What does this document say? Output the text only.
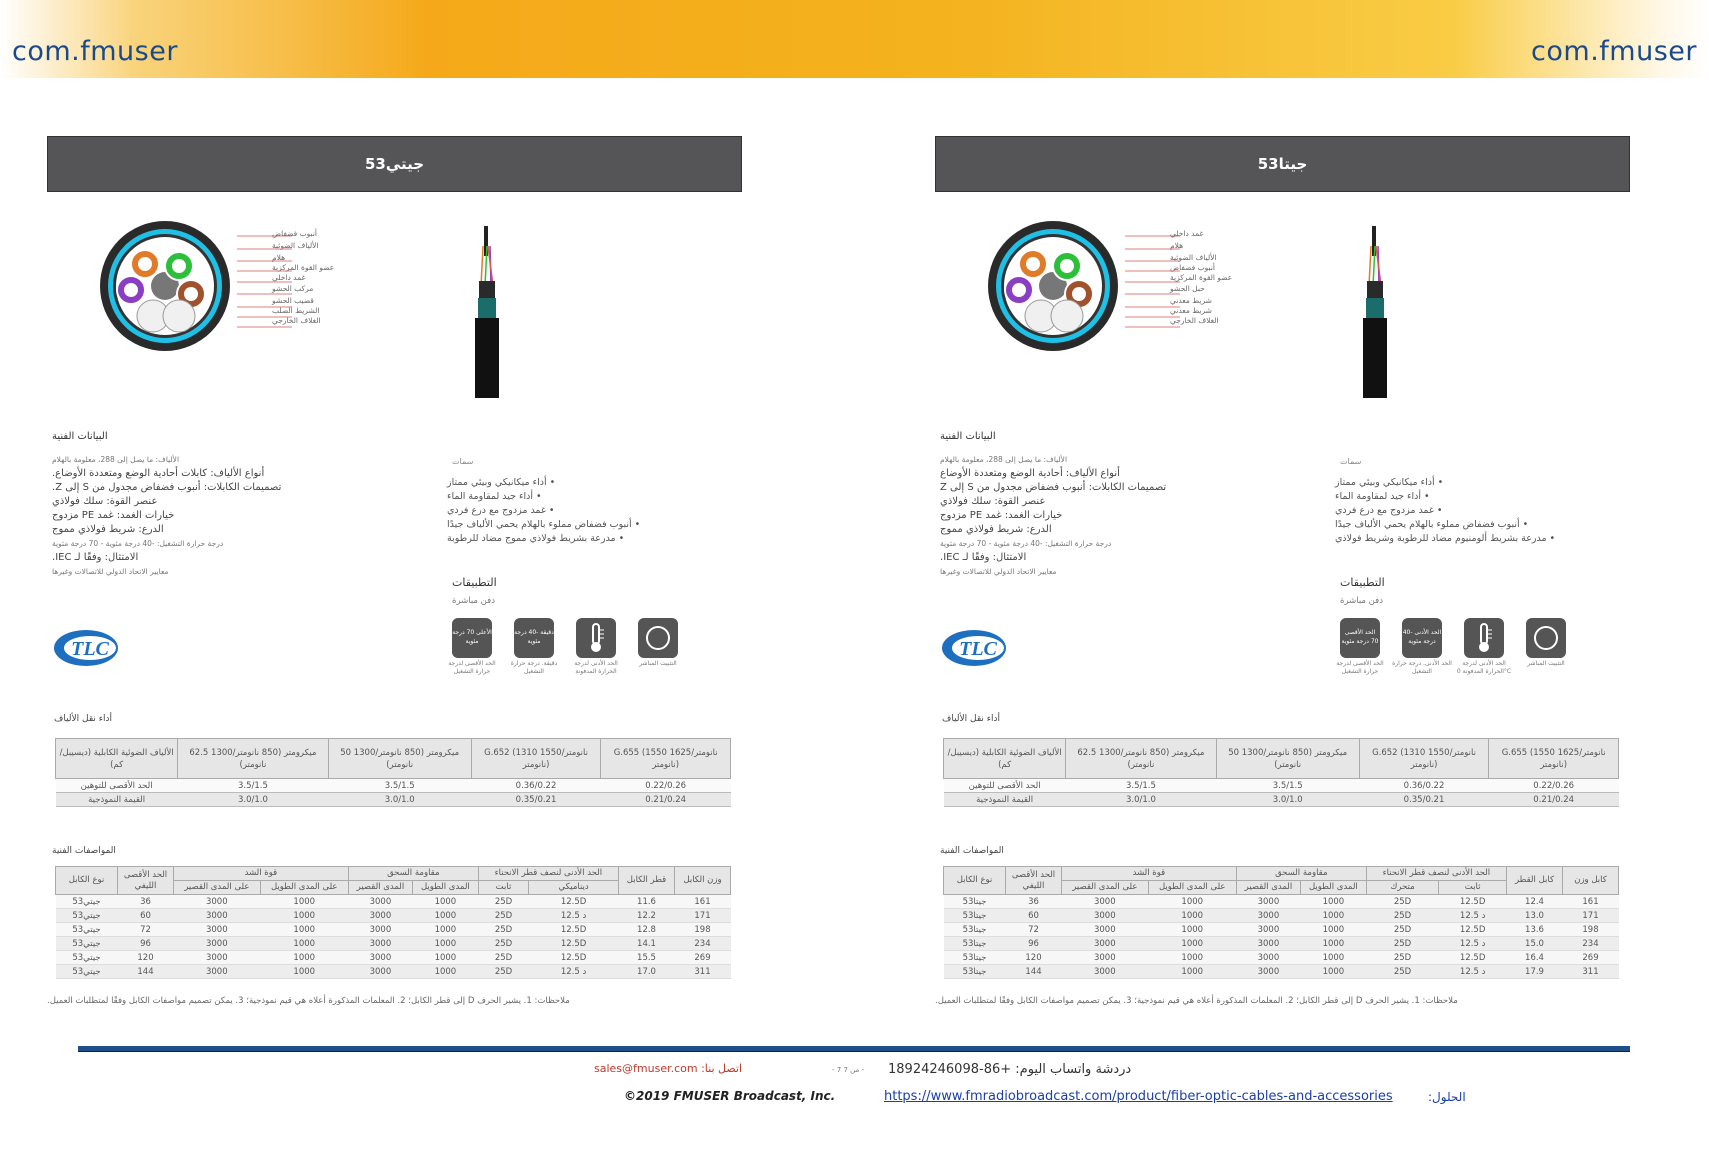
com.fmuser	com.fmuser
جيتي53
أنبوب فضفاض
الألياف الضوئية
هلام
عضو القوة المركزية
غمد داخلي
مركب الحشو
قضيب الحشو
الشريط الصلب
الغلاف الخارجي
البيانات الفنية
الألياف: ما يصل إلى 288، معلومة بالهلام
أنواع الألياف: كابلات أحادية الوضع ومتعددة الأوضاع.
تصميمات الكابلات: أنبوب فضفاض مجدول من S إلى Z.
عنصر القوة: سلك فولاذي
خيارات الغمد: غمد PE مزدوج
الدرع: شريط فولاذي مموج
درجة حرارة التشغيل: -40 درجة مئوية - 70 درجة مئوية
الامتثال: وفقًا لـ IEC.
معايير الاتحاد الدولي للاتصالات وغيرها
سمات
• أداء ميكانيكي وبيئي ممتاز
• أداء جيد لمقاومة الماء
• غمد مزدوج مع درع فردي
• أنبوب فضفاض مملوء بالهلام يحمي الألياف جيدًا
• مدرعة بشريط فولاذي مموج مضاد للرطوبة
التطبيقات
دفن مباشرة
الأعلى 70 درجة مئوية
الحد الأقصى لدرجة حرارة التشغيل
دقيقة -40 درجة مئوية
دقيقة. درجة حرارة التشغيل
الحد الأدنى لدرجة الحرارة المدفونة
التثبيت المباشر
TLC
أداء نقل الألياف
الألياف الضوئية الكابلية (ديسيبل/كم)	62.5 ميكرومتر (850 نانومتر/1300 نانومتر)	50 ميكرومتر (850 نانومتر/1300 نانومتر)	G.652 (1310 نانومتر/1550 نانومتر)	G.655 (1550 نانومتر/1625 نانومتر)
الحد الأقصى للتوهين	3.5/1.5	3.5/1.5	0.36/0.22	0.22/0.26
القيمة النموذجية	3.0/1.0	3.0/1.0	0.35/0.21	0.21/0.24
المواصفات الفنية
نوع الكابل	الحد الأقصى الليفي	قوة الشد		مقاومة السحق		الحد الأدنى لنصف قطر الانحناء		قطر الكابل	وزن الكابل
		على المدى القصير	على المدى الطويل	المدى القصير	المدى الطويل	ثابت	ديناميكي		
جيتي53	36	3000	1000	3000	1000	25D	12.5D	11.6	161
جيتي53	60	3000	1000	3000	1000	25D	12.5 د	12.2	171
جيتي53	72	3000	1000	3000	1000	25D	12.5D	12.8	198
جيتي53	96	3000	1000	3000	1000	25D	12.5D	14.1	234
جيتي53	120	3000	1000	3000	1000	25D	12.5D	15.5	269
جيتي53	144	3000	1000	3000	1000	25D	12.5 د	17.0	311
ملاحظات: 1. يشير الحرف D إلى قطر الكابل؛ 2. المعلمات المذكورة أعلاه هي قيم نموذجية؛ 3. يمكن تصميم مواصفات الكابل وفقًا لمتطلبات العميل.
جيتا53
غمد داخلي
هلام
الألياف الضوئية
أنبوب فضفاض
عضو القوة المركزية
حبل الحشو
شريط معدني
شريط معدني
الغلاف الخارجي
البيانات الفنية
الألياف: ما يصل إلى 288، معلومة بالهلام
أنواع الألياف: أحادية الوضع ومتعددة الأوضاع
تصميمات الكابلات: أنبوب فضفاض مجدول من S إلى Z
عنصر القوة: سلك فولاذي
خيارات الغمد: غمد PE مزدوج
الدرع: شريط فولاذي مموج
درجة حرارة التشغيل: -40 درجة مئوية - 70 درجة مئوية
الامتثال: وفقًا لـ IEC.
معايير الاتحاد الدولي للاتصالات وغيرها
سمات
• أداء ميكانيكي وبيئي ممتاز
• أداء جيد لمقاومة الماء
• غمد مزدوج مع درع فردي
• أنبوب فضفاض مملوء بالهلام يحمي الألياف جيدًا
• مدرعة بشريط ألومنيوم مضاد للرطوبة وشريط فولاذي
التطبيقات
دفن مباشرة
الحد الأقصى 70 درجة مئوية
الحد الأقصى لدرجة حرارة التشغيل
الحد الأدنى -40 درجة مئوية
الحد الأدنى. درجة حرارة التشغيل
الحد الأدنى لدرجة الحرارة المدفونة 0°C
التثبيت المباشر
TLC
أداء نقل الألياف
الألياف الضوئية الكابلية (ديسيبل/كم)	62.5 ميكرومتر (850 نانومتر/1300 نانومتر)	50 ميكرومتر (850 نانومتر/1300 نانومتر)	G.652 (1310 نانومتر/1550 نانومتر)	G.655 (1550 نانومتر/1625 نانومتر)
الحد الأقصى للتوهين	3.5/1.5	3.5/1.5	0.36/0.22	0.22/0.26
القيمة النموذجية	3.0/1.0	3.0/1.0	0.35/0.21	0.21/0.24
المواصفات الفنية
نوع الكابل	الحد الأقصى الليفي	قوة الشد		مقاومة السحق		الحد الأدنى لنصف قطر الانحناء		كابل القطر	كابل وزن
		على المدى القصير	على المدى الطويل	المدى القصير	المدى الطويل	متحرك	ثابت		
جيتا53	36	3000	1000	3000	1000	25D	12.5D	12.4	161
جيتا53	60	3000	1000	3000	1000	25D	12.5 د	13.0	171
جيتا53	72	3000	1000	3000	1000	25D	12.5D	13.6	198
جيتا53	96	3000	1000	3000	1000	25D	12.5 د	15.0	234
جيتا53	120	3000	1000	3000	1000	25D	12.5D	16.4	269
جيتا53	144	3000	1000	3000	1000	25D	12.5 د	17.9	311
ملاحظات: 1. يشير الحرف D إلى قطر الكابل؛ 2. المعلمات المذكورة أعلاه هي قيم نموذجية؛ 3. يمكن تصميم مواصفات الكابل وفقًا لمتطلبات العميل.
اتصل بنا: sales@fmuser.com	- 7 من 7 - دردشة واتساب اليوم: +86-18924246098
©2019 FMUSER Broadcast, Inc.	https://www.fmradiobroadcast.com/product/fiber-optic-cables-and-accessories	الحلول:
